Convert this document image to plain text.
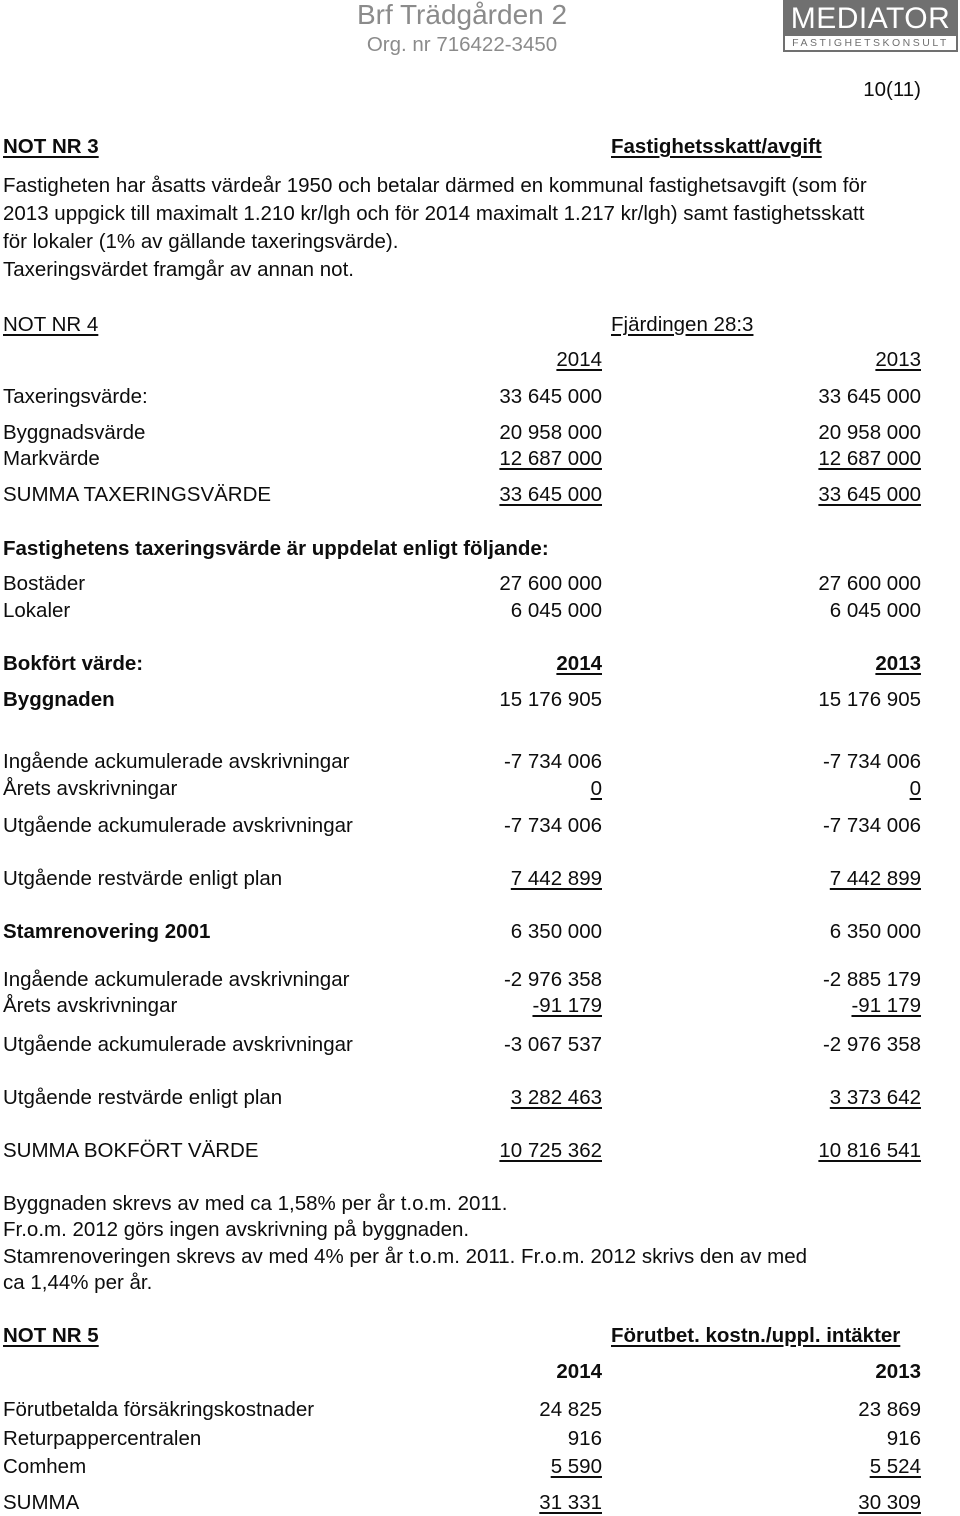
Brf Trädgården 2
Org. nr 716422-3450
MEDIATOR
FASTIGHETSKONSULT
10(11)
NOT NR 3	Fastighetsskatt/avgift
Fastigheten har åsatts värdeår 1950 och betalar därmed en kommunal fastighetsavgift (som för
2013 uppgick till maximalt 1.210 kr/lgh och för 2014 maximalt 1.217 kr/lgh) samt fastighetsskatt
för lokaler (1% av gällande taxeringsvärde).
Taxeringsvärdet framgår av annan not.
NOT NR 4	Fjärdingen 28:3
2014	2013
Taxeringsvärde:	33 645 000	33 645 000
Byggnadsvärde	20 958 000	20 958 000
Markvärde	12 687 000	12 687 000
SUMMA TAXERINGSVÄRDE	33 645 000	33 645 000
Fastighetens taxeringsvärde är uppdelat enligt följande:
Bostäder	27 600 000	27 600 000
Lokaler	6 045 000	6 045 000
Bokfört värde:	2014	2013
Byggnaden	15 176 905	15 176 905
Ingående ackumulerade avskrivningar	-7 734 006	-7 734 006
Årets avskrivningar	0	0
Utgående ackumulerade avskrivningar	-7 734 006	-7 734 006
Utgående restvärde enligt plan	7 442 899	7 442 899
Stamrenovering 2001	6 350 000	6 350 000
Ingående ackumulerade avskrivningar	-2 976 358	-2 885 179
Årets avskrivningar	-91 179	-91 179
Utgående ackumulerade avskrivningar	-3 067 537	-2 976 358
Utgående restvärde enligt plan	3 282 463	3 373 642
SUMMA BOKFÖRT VÄRDE	10 725 362	10 816 541
Byggnaden skrevs av med ca 1,58% per år t.o.m. 2011.
Fr.o.m. 2012 görs ingen avskrivning på byggnaden.
Stamrenoveringen skrevs av med 4% per år t.o.m. 2011. Fr.o.m. 2012 skrivs den av med
ca 1,44% per år.
NOT NR 5	Förutbet. kostn./uppl. intäkter
2014	2013
Förutbetalda försäkringskostnader	24 825	23 869
Returpappercentralen	916	916
Comhem	5 590	5 524
SUMMA	31 331	30 309
